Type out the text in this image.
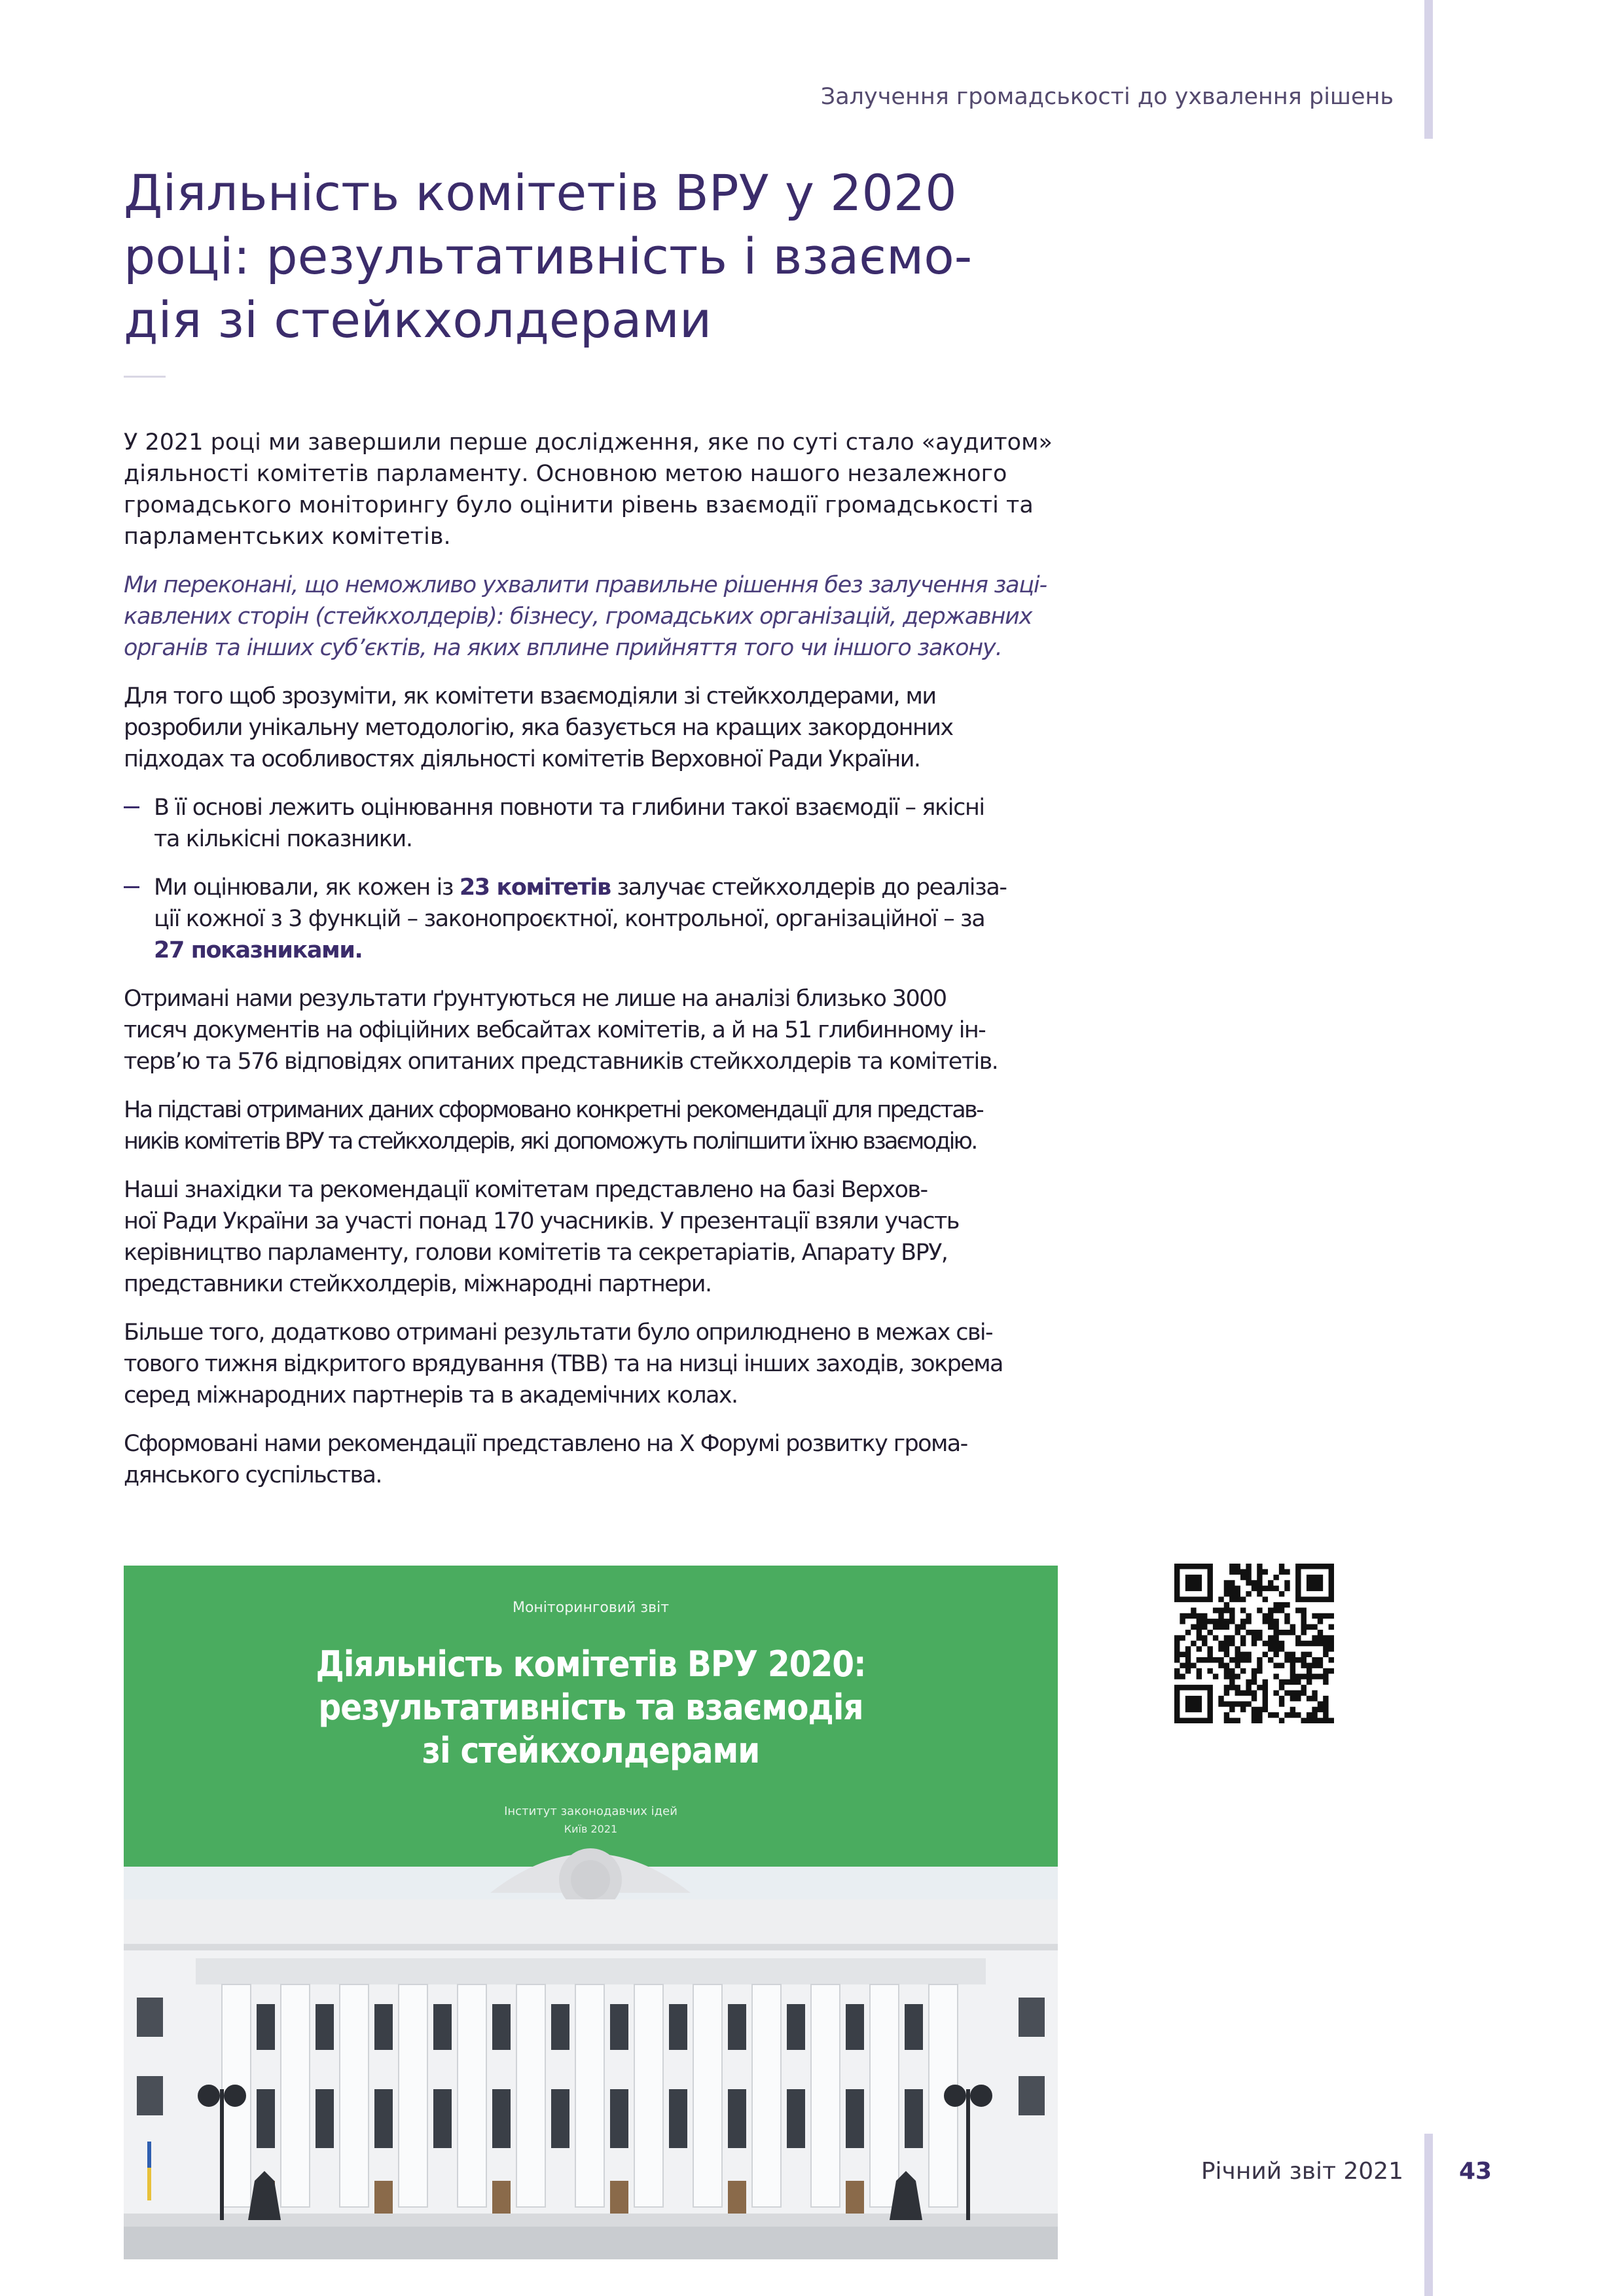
Залучення громадськості до ухвалення рішень
Діяльність комітетів ВРУ у 2020
році: результативність і взаємо-
дія зі стейкхолдерами

У 2021 році ми завершили перше дослідження, яке по суті стало «аудитом»
діяльності комітетів парламенту. Основною метою нашого незалежного
громадського моніторингу було оцінити рівень взаємодії громадськості та
парламентських комітетів.

Ми переконані, що неможливо ухвалити правильне рішення без залучення заці-
кавлених сторін (стейкхолдерів): бізнесу, громадських організацій, державних
органів та інших суб’єктів, на яких вплине прийняття того чи іншого закону.

Для того щоб зрозуміти, як комітети взаємодіяли зі стейкхолдерами, ми
розробили унікальну методологію, яка базується на кращих закордонних
підходах та особливостях діяльності комітетів Верховної Ради України.

В її основі лежить оцінювання повноти та глибини такої взаємодії – якісні
та кількісні показники.
Ми оцінювали, як кожен із 23 комітетів залучає стейкхолдерів до реаліза-
ції кожної з 3 функцій – законопроєктної, контрольної, організаційної – за
27 показниками.

Отримані нами результати ґрунтуються не лише на аналізі близько 3000
тисяч документів на офіційних вебсайтах комітетів, а й на 51 глибинному ін-
терв’ю та 576 відповідях опитаних представників стейкхолдерів та комітетів.

На підставі отриманих даних сформовано конкретні рекомендації для представ-
ників комітетів ВРУ та стейкхолдерів, які допоможуть поліпшити їхню взаємодію.

Наші знахідки та рекомендації комітетам представлено на базі Верхов-
ної Ради України за участі понад 170 учасників. У презентації взяли участь
керівництво парламенту, голови комітетів та секретаріатів, Апарату ВРУ,
представники стейкхолдерів, міжнародні партнери.

Більше того, додатково отримані результати було оприлюднено в межах сві-
тового тижня відкритого врядування (ТВВ) та на низці інших заходів, зокрема
серед міжнародних партнерів та в академічних колах.

Сформовані нами рекомендації представлено на Х Форумі розвитку грома-
дянського суспільства.

Моніторинговий звіт
Діяльність комітетів ВРУ 2020:
результативність та взаємодія
зі стейкхолдерами
Інститут законодавчих ідей
Київ 2021
Річний звіт 2021 43
